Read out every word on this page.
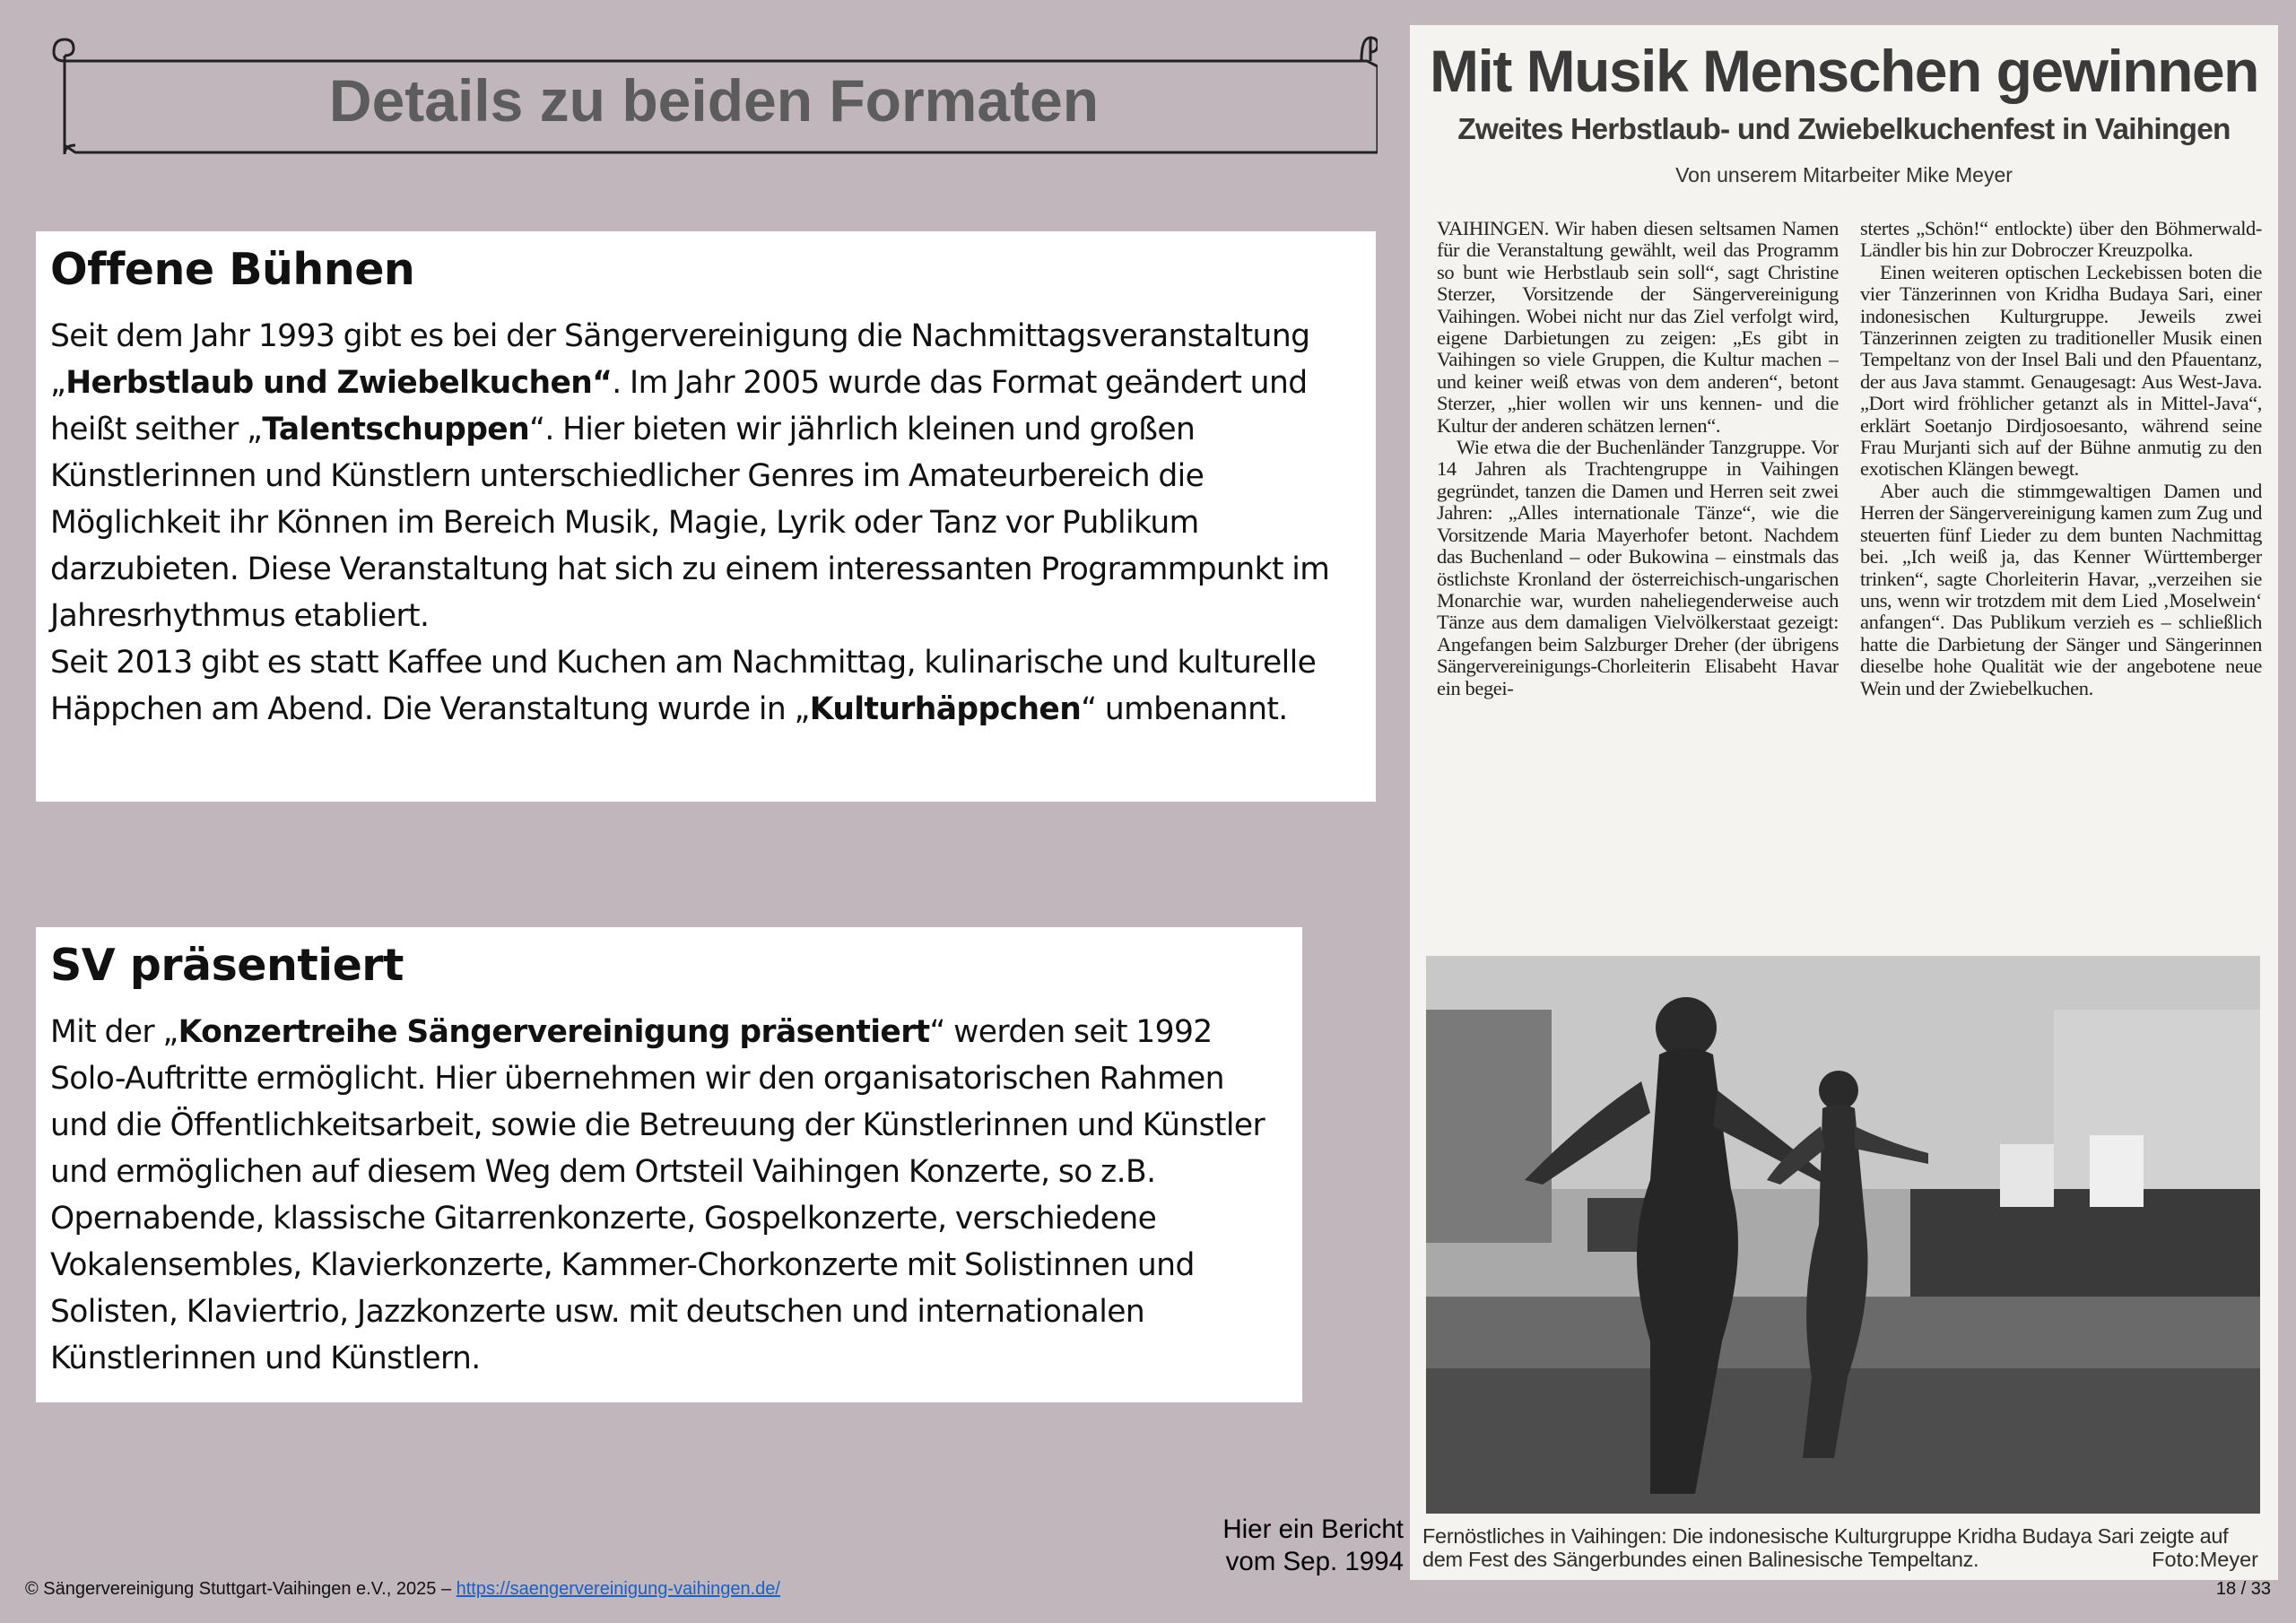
Details zu beiden Formaten
Offene Bühnen

Seit dem Jahr 1993 gibt es bei der Sängervereinigung die Nachmittagsveranstaltung „Herbstlaub und Zwiebelkuchen“. Im Jahr 2005 wurde das Format geändert und heißt seither „Talentschuppen“. Hier bieten wir jährlich kleinen und großen Künstlerinnen und Künstlern unterschiedlicher Genres im Amateurbereich die Möglichkeit ihr Können im Bereich Musik, Magie, Lyrik oder Tanz vor Publikum darzubieten. Diese Veranstaltung hat sich zu einem interessanten Programmpunkt im Jahresrhythmus etabliert.

Seit 2013 gibt es statt Kaffee und Kuchen am Nachmittag, kulinarische und kulturelle Häppchen am Abend. Die Veranstaltung wurde in „Kulturhäppchen“ umbenannt.

SV präsentiert

Mit der „Konzertreihe Sängervereinigung präsentiert“ werden seit 1992 Solo-Auftritte ermöglicht. Hier übernehmen wir den organisatorischen Rahmen und die Öffentlichkeitsarbeit, sowie die Betreuung der Künstlerinnen und Künstler und ermöglichen auf diesem Weg dem Ortsteil Vaihingen Konzerte, so z.B. Opernabende, klassische Gitarrenkonzerte, Gospelkonzerte, verschiedene Vokalensembles, Klavierkonzerte, Kammer-Chorkonzerte mit Solistinnen und Solisten, Klaviertrio, Jazzkonzerte usw. mit deutschen und internationalen Künstlerinnen und Künstlern.

Mit Musik Menschen gewinnen
Zweites Herbstlaub- und Zwiebelkuchenfest in Vaihingen
Von unserem Mitarbeiter Mike Meyer

VAIHINGEN. Wir haben diesen seltsamen Namen für die Veranstaltung gewählt, weil das Programm so bunt wie Herbstlaub sein soll“, sagt Christine Sterzer, Vorsitzende der Sängervereinigung Vaihingen. Wobei nicht nur das Ziel verfolgt wird, eigene Darbietungen zu zeigen: „Es gibt in Vaihingen so viele Gruppen, die Kultur machen – und keiner weiß etwas von dem anderen“, betont Sterzer, „hier wollen wir uns kennen- und die Kultur der anderen schätzen lernen“.

Wie etwa die der Buchenländer Tanzgruppe. Vor 14 Jahren als Trachtengruppe in Vaihingen gegründet, tanzen die Damen und Herren seit zwei Jahren: „Alles internationale Tänze“, wie die Vorsitzende Maria Mayerhofer betont. Nachdem das Buchenland – oder Bukowina – einstmals das östlichste Kronland der österreichisch-ungarischen Monarchie war, wurden naheliegenderweise auch Tänze aus dem damaligen Vielvölkerstaat gezeigt: Angefangen beim Salzburger Dreher (der übrigens Sängervereinigungs-Chorleiterin Elisabeht Havar ein begei-

stertes „Schön!“ entlockte) über den Böhmerwald-Ländler bis hin zur Dobroczer Kreuzpolka.

Einen weiteren optischen Leckebissen boten die vier Tänzerinnen von Kridha Budaya Sari, einer indonesischen Kulturgruppe. Jeweils zwei Tänzerinnen zeigten zu traditioneller Musik einen Tempeltanz von der Insel Bali und den Pfauentanz, der aus Java stammt. Genaugesagt: Aus West-Java. „Dort wird fröhlicher getanzt als in Mittel-Java“, erklärt Soetanjo Dirdjosoesanto, während seine Frau Murjanti sich auf der Bühne anmutig zu den exotischen Klängen bewegt.

Aber auch die stimmgewaltigen Damen und Herren der Sängervereinigung kamen zum Zug und steuerten fünf Lieder zu dem bunten Nachmittag bei. „Ich weiß ja, das Kenner Württemberger trinken“, sagte Chorleiterin Havar, „verzeihen sie uns, wenn wir trotzdem mit dem Lied ‚Moselwein‘ anfangen“. Das Publikum verzieh es – schließlich hatte die Darbietung der Sänger und Sängerinnen dieselbe hohe Qualität wie der angebotene neue Wein und der Zwiebelkuchen.

Fernöstliches in Vaihingen: Die indonesische Kulturgruppe Kridha Budaya Sari zeigte auf dem Fest des Sängerbundes einen Balinesische Tempeltanz.	Foto:Meyer
Hier ein Bericht
vom Sep. 1994
© Sängervereinigung Stuttgart-Vaihingen e.V., 2025 – https://saengervereinigung-vaihingen.de/	18 / 33
